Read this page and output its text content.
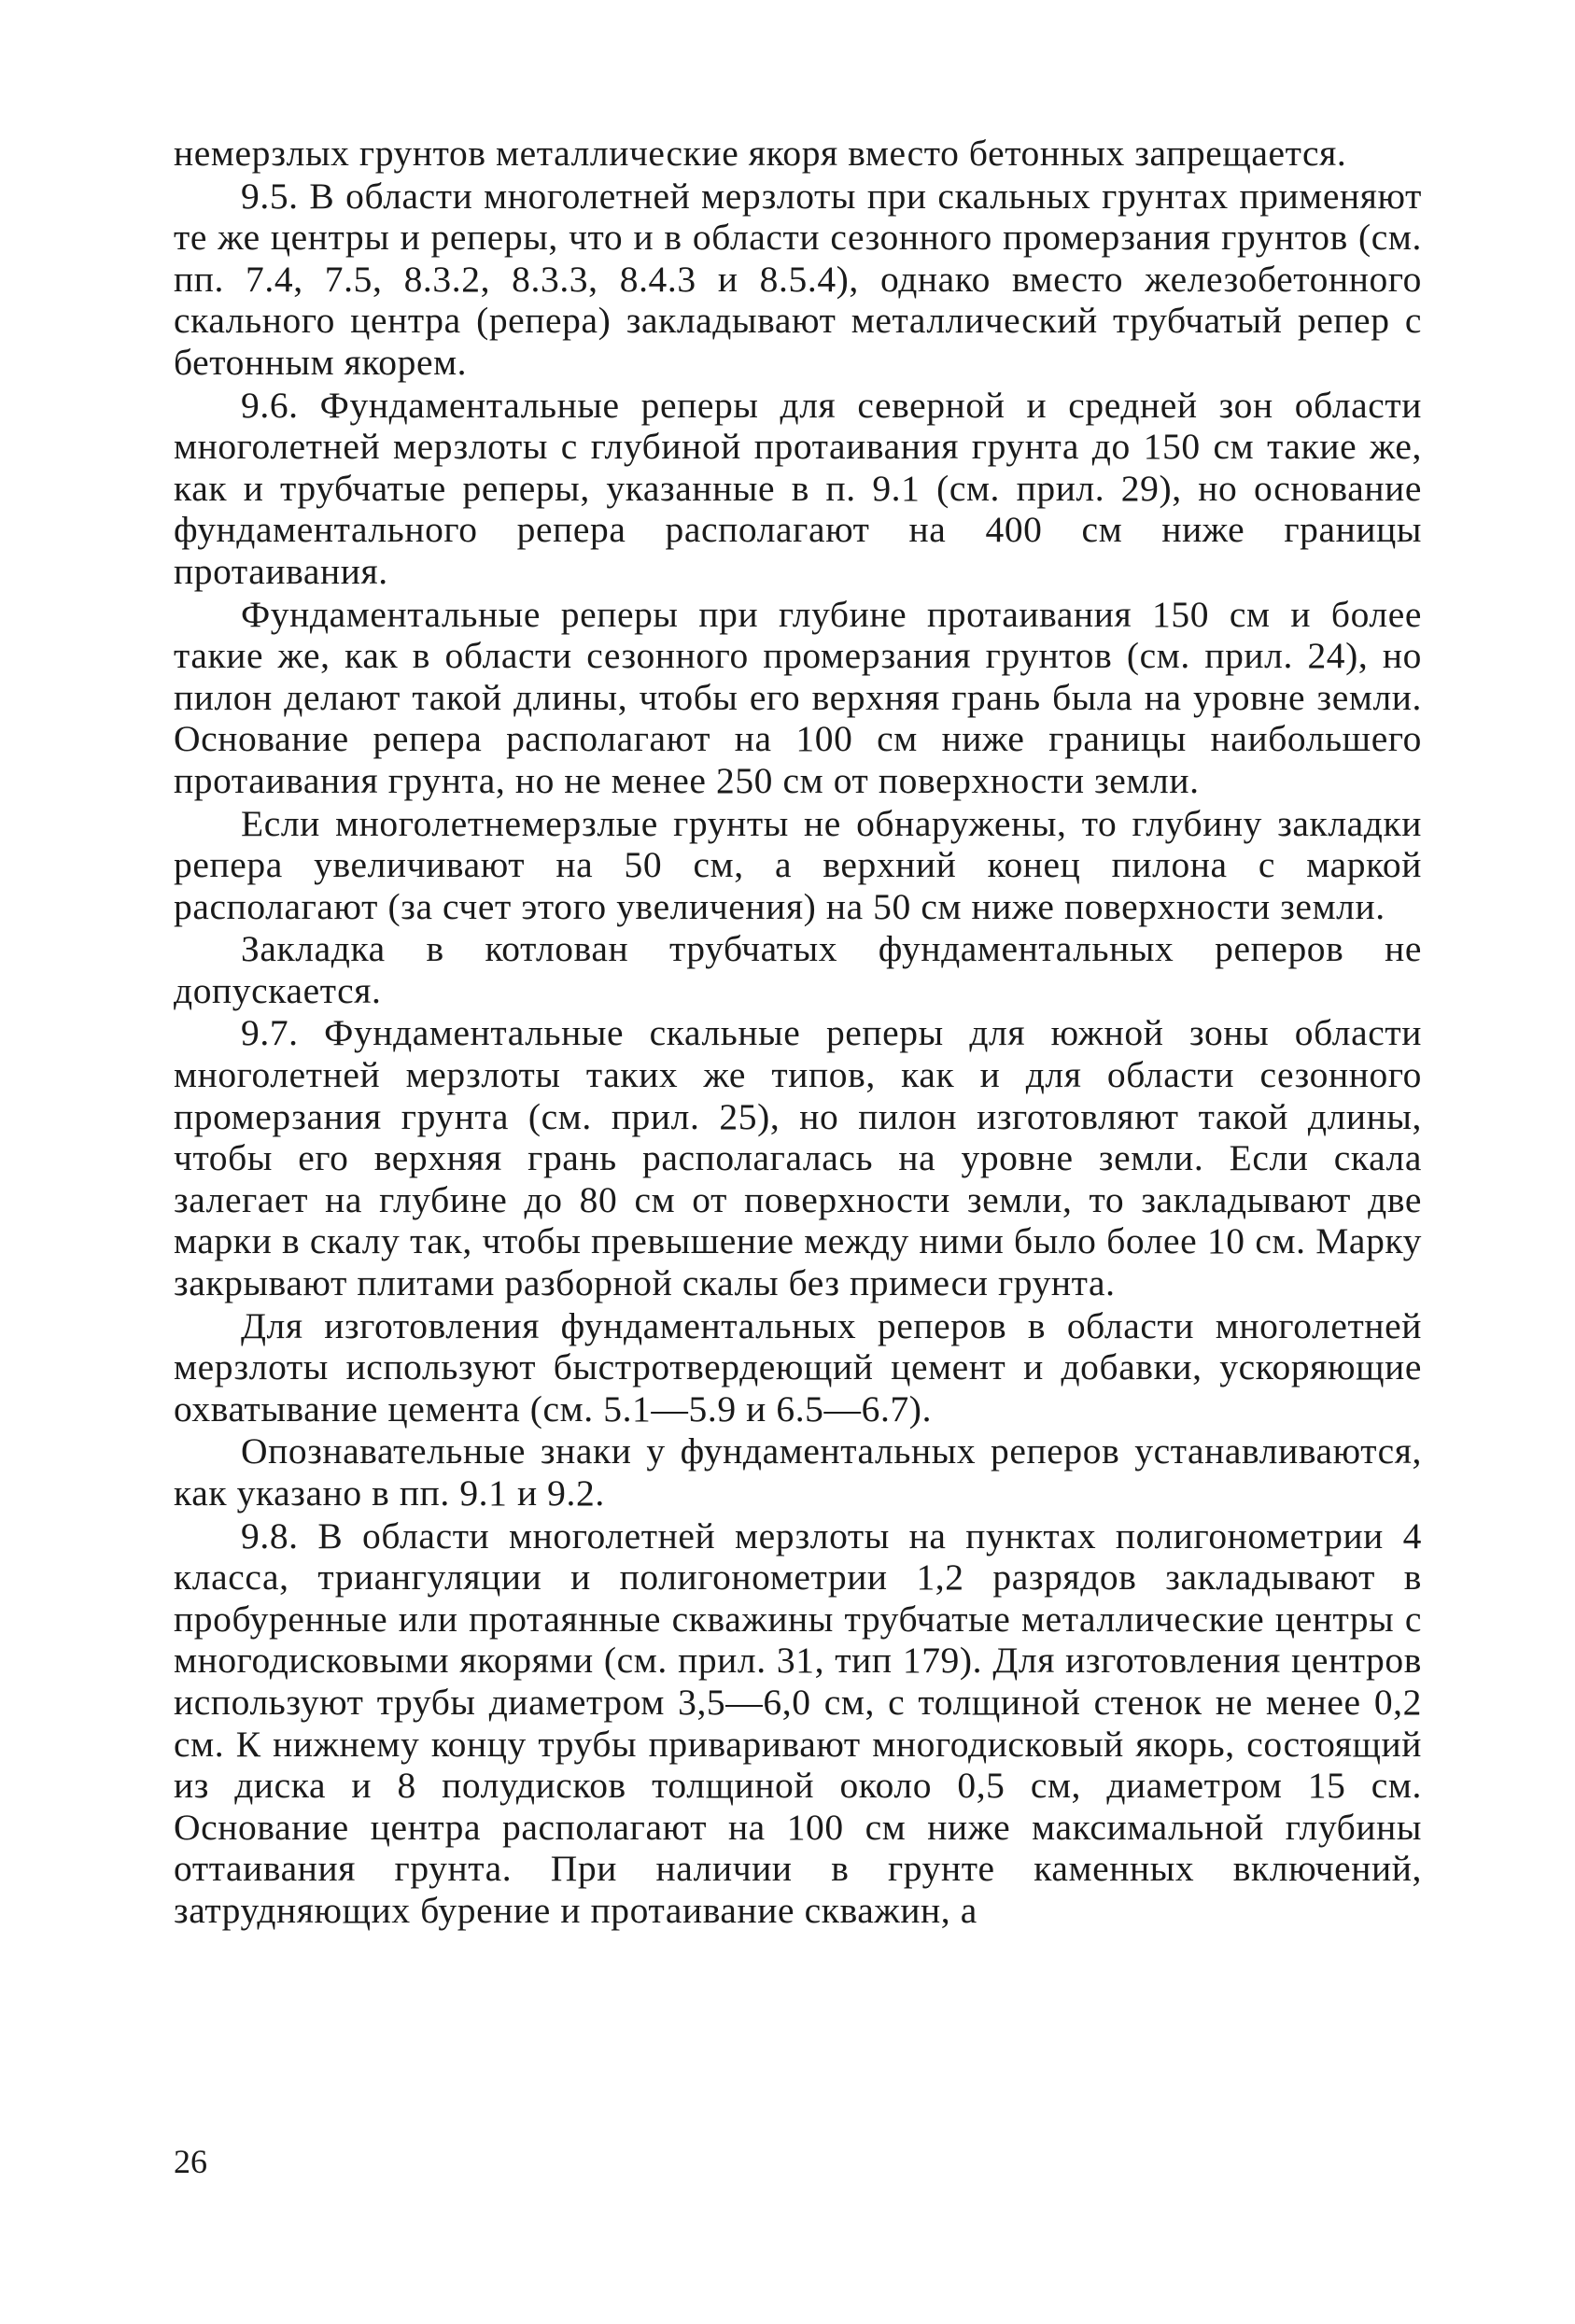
немерзлых грунтов металлические якоря вместо бетонных запрещается.

9.5. В области многолетней мерзлоты при скальных грунтах применяют те же центры и реперы, что и в области сезонного промерзания грунтов (см. пп. 7.4, 7.5, 8.3.2, 8.3.3, 8.4.3 и 8.5.4), однако вместо железобетонного скального центра (репера) закладывают металлический трубчатый репер с бетонным якорем.

9.6. Фундаментальные реперы для северной и средней зон области многолетней мерзлоты с глубиной протаивания грунта до 150 см такие же, как и трубчатые реперы, указанные в п. 9.1 (см. прил. 29), но основание фундаментального репера располагают на 400 см ниже границы протаивания.

Фундаментальные реперы при глубине протаивания 150 см и более такие же, как в области сезонного промерзания грунтов (см. прил. 24), но пилон делают такой длины, чтобы его верхняя грань была на уровне земли. Основание репера располагают на 100 см ниже границы наибольшего протаивания грунта, но не менее 250 см от поверхности земли.

Если многолетнемерзлые грунты не обнаружены, то глубину закладки репера увеличивают на 50 см, а верхний конец пилона с маркой располагают (за счет этого увеличения) на 50 см ниже поверхности земли.

Закладка в котлован трубчатых фундаментальных реперов не допускается.

9.7. Фундаментальные скальные реперы для южной зоны области многолетней мерзлоты таких же типов, как и для области сезонного промерзания грунта (см. прил. 25), но пилон изготовляют такой длины, чтобы его верхняя грань располагалась на уровне земли. Если скала залегает на глубине до 80 см от поверхности земли, то закладывают две марки в скалу так, чтобы превышение между ними было более 10 см. Марку закрывают плитами разборной скалы без примеси грунта.

Для изготовления фундаментальных реперов в области многолетней мерзлоты используют быстротвердеющий цемент и добавки, ускоряющие охватывание цемента (см. 5.1—5.9 и 6.5—6.7).

Опознавательные знаки у фундаментальных реперов устанавливаются, как указано в пп. 9.1 и 9.2.

9.8. В области многолетней мерзлоты на пунктах полигонометрии 4 класса, триангуляции и полигонометрии 1,2 разрядов закладывают в пробуренные или протаянные скважины трубчатые металлические центры с многодисковыми якорями (см. прил. 31, тип 179). Для изготовления центров используют трубы диаметром 3,5—6,0 см, с толщиной стенок не менее 0,2 см. К нижнему концу трубы приваривают многодисковый якорь, состоящий из диска и 8 полудисков толщиной около 0,5 см, диаметром 15 см. Основание центра располагают на 100 см ниже максимальной глубины оттаивания грунта. При наличии в грунте каменных включений, затрудняющих бурение и протаивание скважин, а

26
